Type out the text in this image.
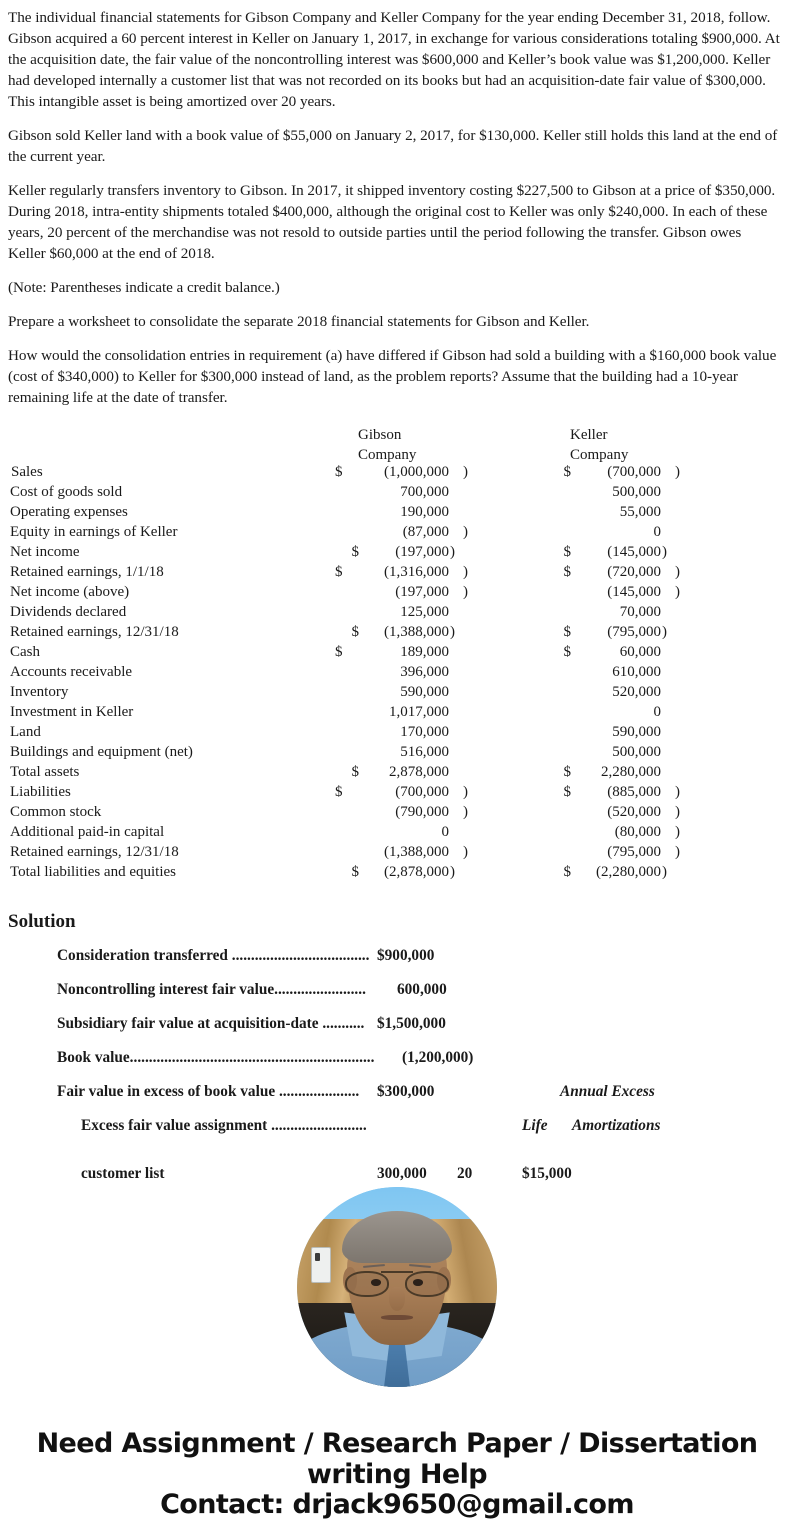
The individual financial statements for Gibson Company and Keller Company for the year ending December 31, 2018, follow. Gibson acquired a 60 percent interest in Keller on January 1, 2017, in exchange for various considerations totaling $900,000. At the acquisition date, the fair value of the noncontrolling interest was $600,000 and Keller’s book value was $1,200,000. Keller had developed internally a customer list that was not recorded on its books but had an acquisition-date fair value of $300,000. This intangible asset is being amortized over 20 years.

Gibson sold Keller land with a book value of $55,000 on January 2, 2017, for $130,000. Keller still holds this land at the end of the current year.

Keller regularly transfers inventory to Gibson. In 2017, it shipped inventory costing $227,500 to Gibson at a price of $350,000. During 2018, intra-entity shipments totaled $400,000, although the original cost to Keller was only $240,000. In each of these years, 20 percent of the merchandise was not resold to outside parties until the period following the transfer. Gibson owes Keller $60,000 at the end of 2018.

(Note: Parentheses indicate a credit balance.)

Prepare a worksheet to consolidate the separate 2018 financial statements for Gibson and Keller.

How would the consolidation entries in requirement (a) have differed if Gibson had sold a building with a $160,000 book value (cost of $340,000) to Keller for $300,000 instead of land, as the problem reports? Assume that the building had a 10-year remaining life at the date of transfer.

		Gibson			Keller	
		Company			Company	
Sales	$	(1,000,000 )			$ (700,000 )	

Cost of goods sold		700,000			500,000	

Operating expenses		190,000			55,000	

Equity in earnings of Keller		(87,000 )			0	

Net income		$ (197,000 )			$ (145,000 )	

Retained earnings, 1/1/18	$	(1,316,000 )			$ (720,000 )	

Net income (above)		(197,000 )			(145,000 )	

Dividends declared		125,000			70,000	

Retained earnings, 12/31/18		$ (1,388,000 )			$ (795,000 )	

Cash	$	189,000			$ 60,000	

Accounts receivable		396,000			610,000	

Inventory		590,000			520,000	

Investment in Keller		1,017,000			0	

Land		170,000			590,000	

Buildings and equipment (net)		516,000			500,000	

Total assets		$ 2,878,000			$ 2,280,000	

Liabilities	$	(700,000 )			$ (885,000 )	

Common stock		(790,000 )			(520,000 )	

Additional paid-in capital		0			(80,000 )	

Retained earnings, 12/31/18		(1,388,000 )			(795,000 )	

Total liabilities and equities		$ (2,878,000 )			$ (2,280,000 )	

Solution
Consideration transferred .................................... $900,000
Noncontrolling interest fair value........................ 600,000
Subsidiary fair value at acquisition-date ........... $1,500,000
Book value................................................................ (1,200,000)
Fair value in excess of book value ..................... $300,000	Annual Excess
Excess fair value assignment .........................	Life Amortizations
customer list	300,000 20	$15,000
Need Assignment / Research Paper / Dissertation
writing Help
Contact: drjack9650@gmail.com
